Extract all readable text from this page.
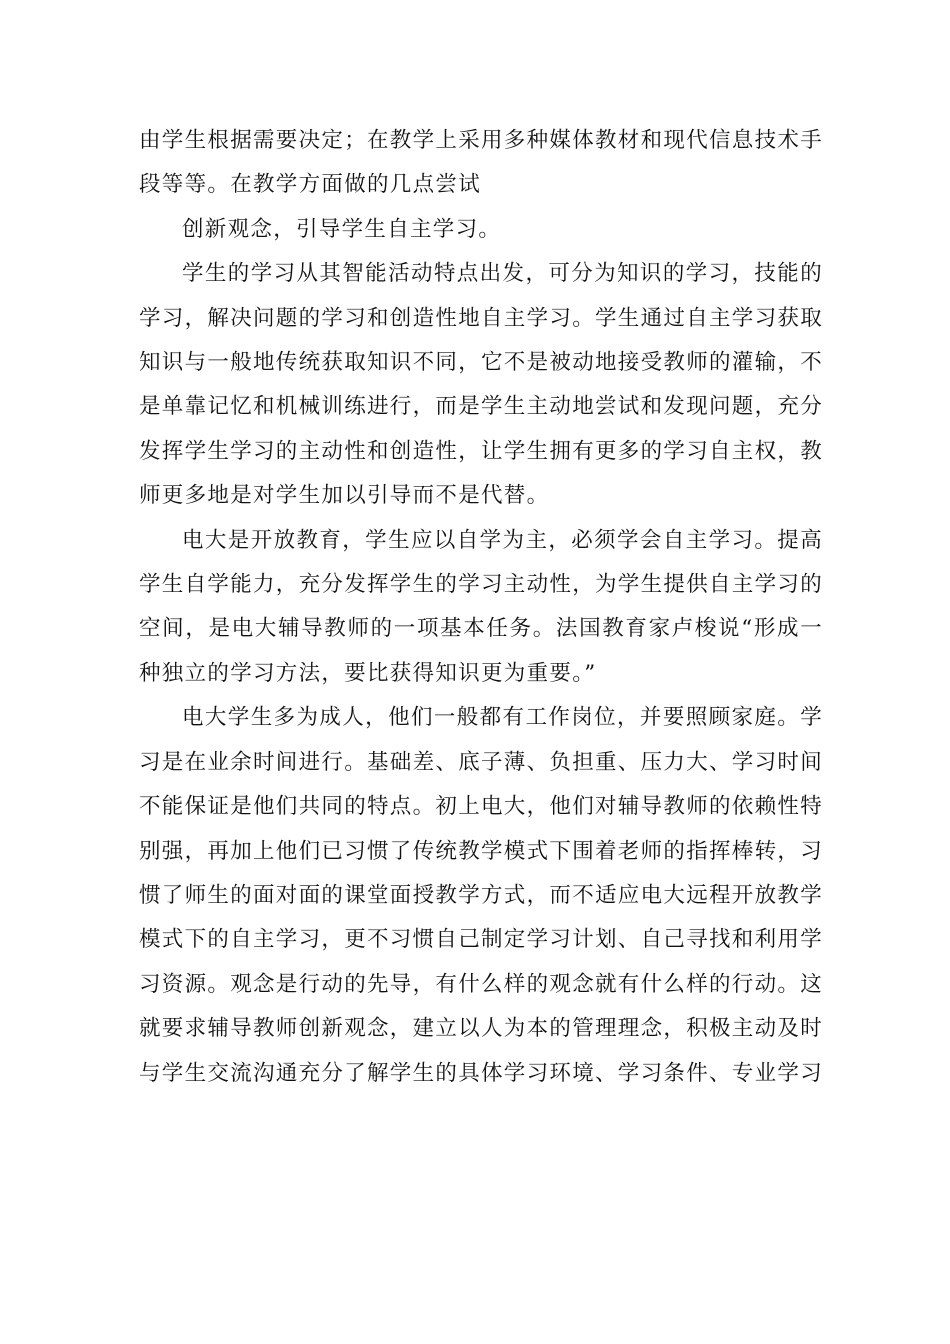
由学生根据需要决定；在教学上采用多种媒体教材和现代信息技术手段等等。在教学方面做的几点尝试

创新观念，引导学生自主学习。

学生的学习从其智能活动特点出发，可分为知识的学习，技能的学习，解决问题的学习和创造性地自主学习。学生通过自主学习获取知识与一般地传统获取知识不同，它不是被动地接受教师的灌输，不是单靠记忆和机械训练进行，而是学生主动地尝试和发现问题，充分发挥学生学习的主动性和创造性，让学生拥有更多的学习自主权，教师更多地是对学生加以引导而不是代替。

电大是开放教育，学生应以自学为主，必须学会自主学习。提高学生自学能力，充分发挥学生的学习主动性，为学生提供自主学习的空间，是电大辅导教师的一项基本任务。法国教育家卢梭说“形成一种独立的学习方法，要比获得知识更为重要。”

电大学生多为成人，他们一般都有工作岗位，并要照顾家庭。学习是在业余时间进行。基础差、底子薄、负担重、压力大、学习时间不能保证是他们共同的特点。初上电大，他们对辅导教师的依赖性特别强，再加上他们已习惯了传统教学模式下围着老师的指挥棒转，习惯了师生的面对面的课堂面授教学方式，而不适应电大远程开放教学模式下的自主学习，更不习惯自己制定学习计划、自己寻找和利用学习资源。观念是行动的先导，有什么样的观念就有什么样的行动。这就要求辅导教师创新观念，建立以人为本的管理理念，积极主动及时与学生交流沟通充分了解学生的具体学习环境、学习条件、专业学习
